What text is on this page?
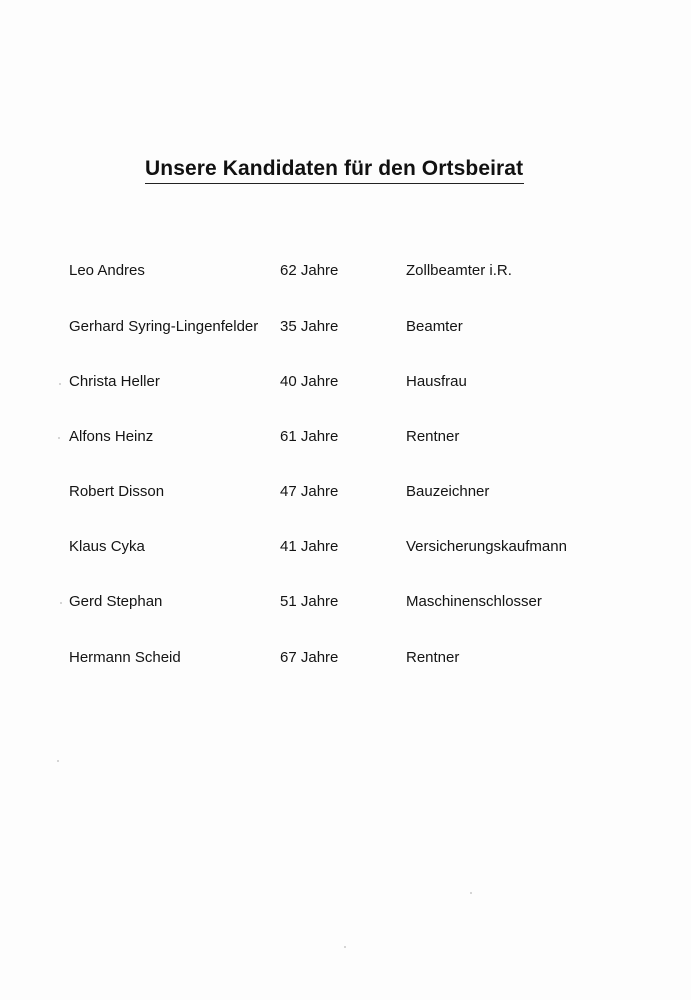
Unsere Kandidaten für den Ortsbeirat
Leo Andres	62 Jahre	Zollbeamter i.R.
Gerhard Syring-Lingenfelder 35 Jahre	Beamter
Christa Heller	40 Jahre	Hausfrau
Alfons Heinz	61 Jahre	Rentner
Robert Disson	47 Jahre	Bauzeichner
Klaus Cyka	41 Jahre	Versicherungskaufmann
Gerd Stephan	51 Jahre	Maschinenschlosser
Hermann Scheid	67 Jahre	Rentner
